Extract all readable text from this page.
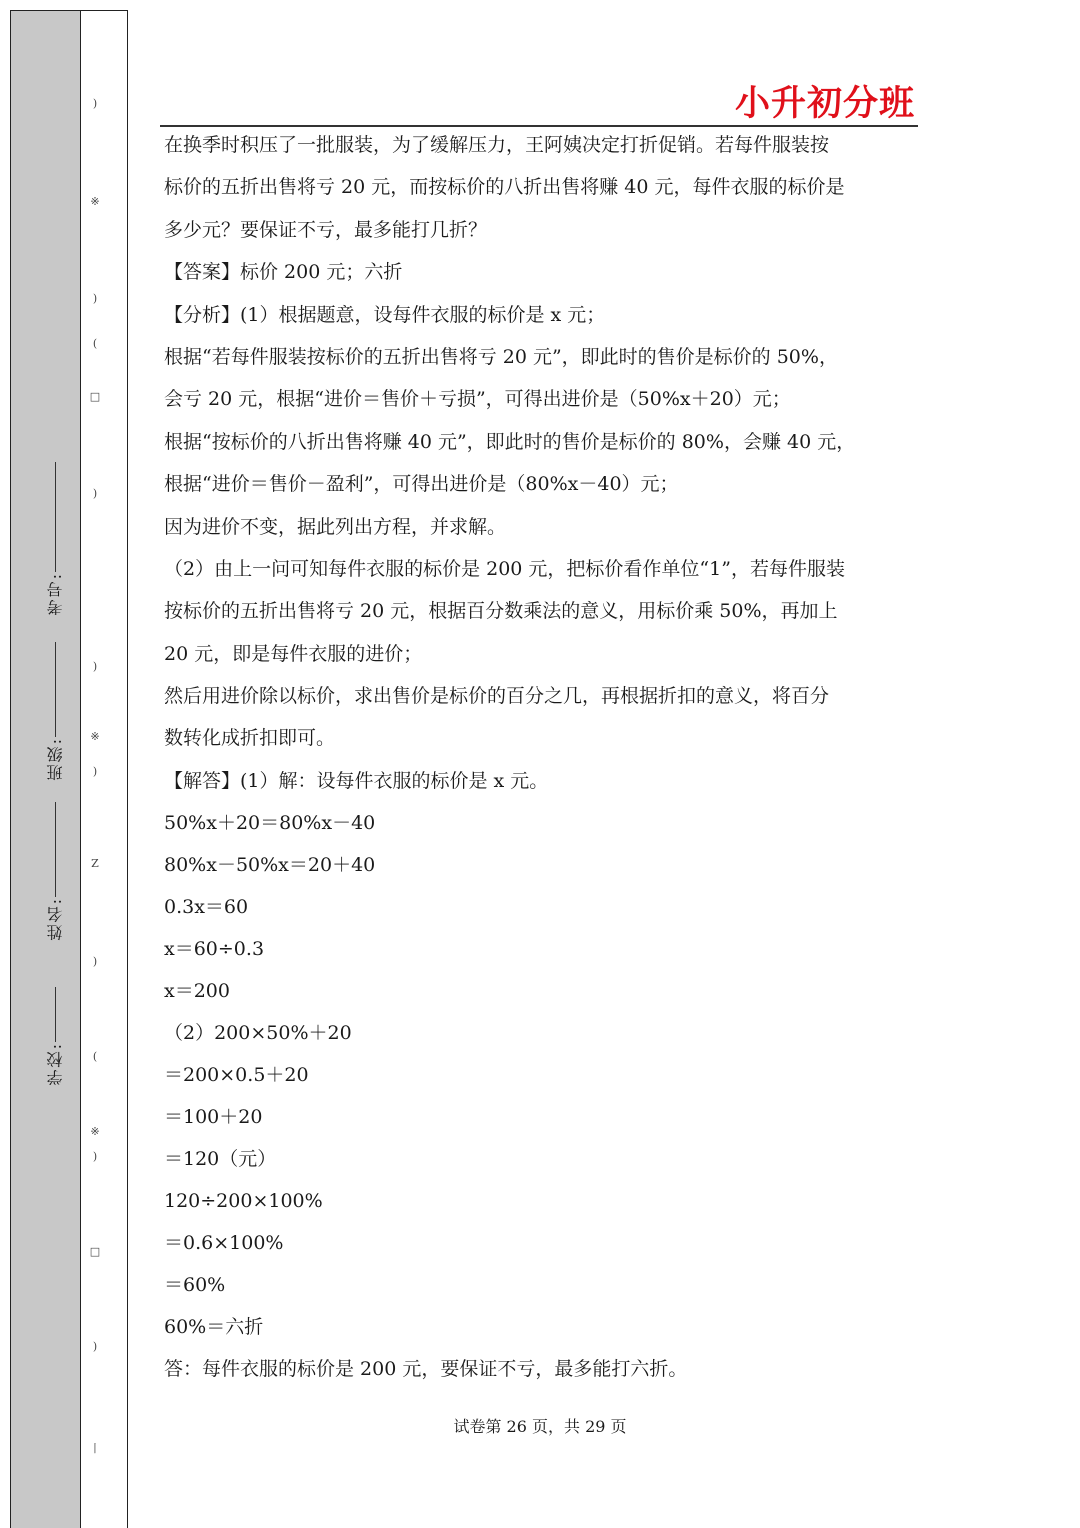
考号:
班级:
姓名:
学校:
)
※
)
(
□
)
)
※
)
Z
)
(
※
)
□
)
丨
小升初分班
在换季时积压了一批服装，为了缓解压力，王阿姨决定打折促销。若每件服装按
标价的五折出售将亏 20 元，而按标价的八折出售将赚 40 元，每件衣服的标价是
多少元？要保证不亏，最多能打几折？
【答案】标价 200 元；六折
【分析】(1）根据题意，设每件衣服的标价是 x 元；
根据“若每件服装按标价的五折出售将亏 20 元”，即此时的售价是标价的 50%，
会亏 20 元，根据“进价＝售价＋亏损”，可得出进价是（50%x＋20）元；
根据“按标价的八折出售将赚 40 元”，即此时的售价是标价的 80%，会赚 40 元，
根据“进价＝售价－盈利”，可得出进价是（80%x－40）元；
因为进价不变，据此列出方程，并求解。
（2）由上一问可知每件衣服的标价是 200 元，把标价看作单位“1”，若每件服装
按标价的五折出售将亏 20 元，根据百分数乘法的意义，用标价乘 50%，再加上
20 元，即是每件衣服的进价；
然后用进价除以标价，求出售价是标价的百分之几，再根据折扣的意义，将百分
数转化成折扣即可。
【解答】(1）解：设每件衣服的标价是 x 元。
50%x＋20＝80%x－40
80%x－50%x＝20＋40
0.3x＝60
x＝60÷0.3
x＝200
（2）200×50%＋20
＝200×0.5＋20
＝100＋20
＝120（元）
120÷200×100%
＝0.6×100%
＝60%
60%＝六折
答：每件衣服的标价是 200 元，要保证不亏，最多能打六折。
试卷第 26 页，共 29 页
